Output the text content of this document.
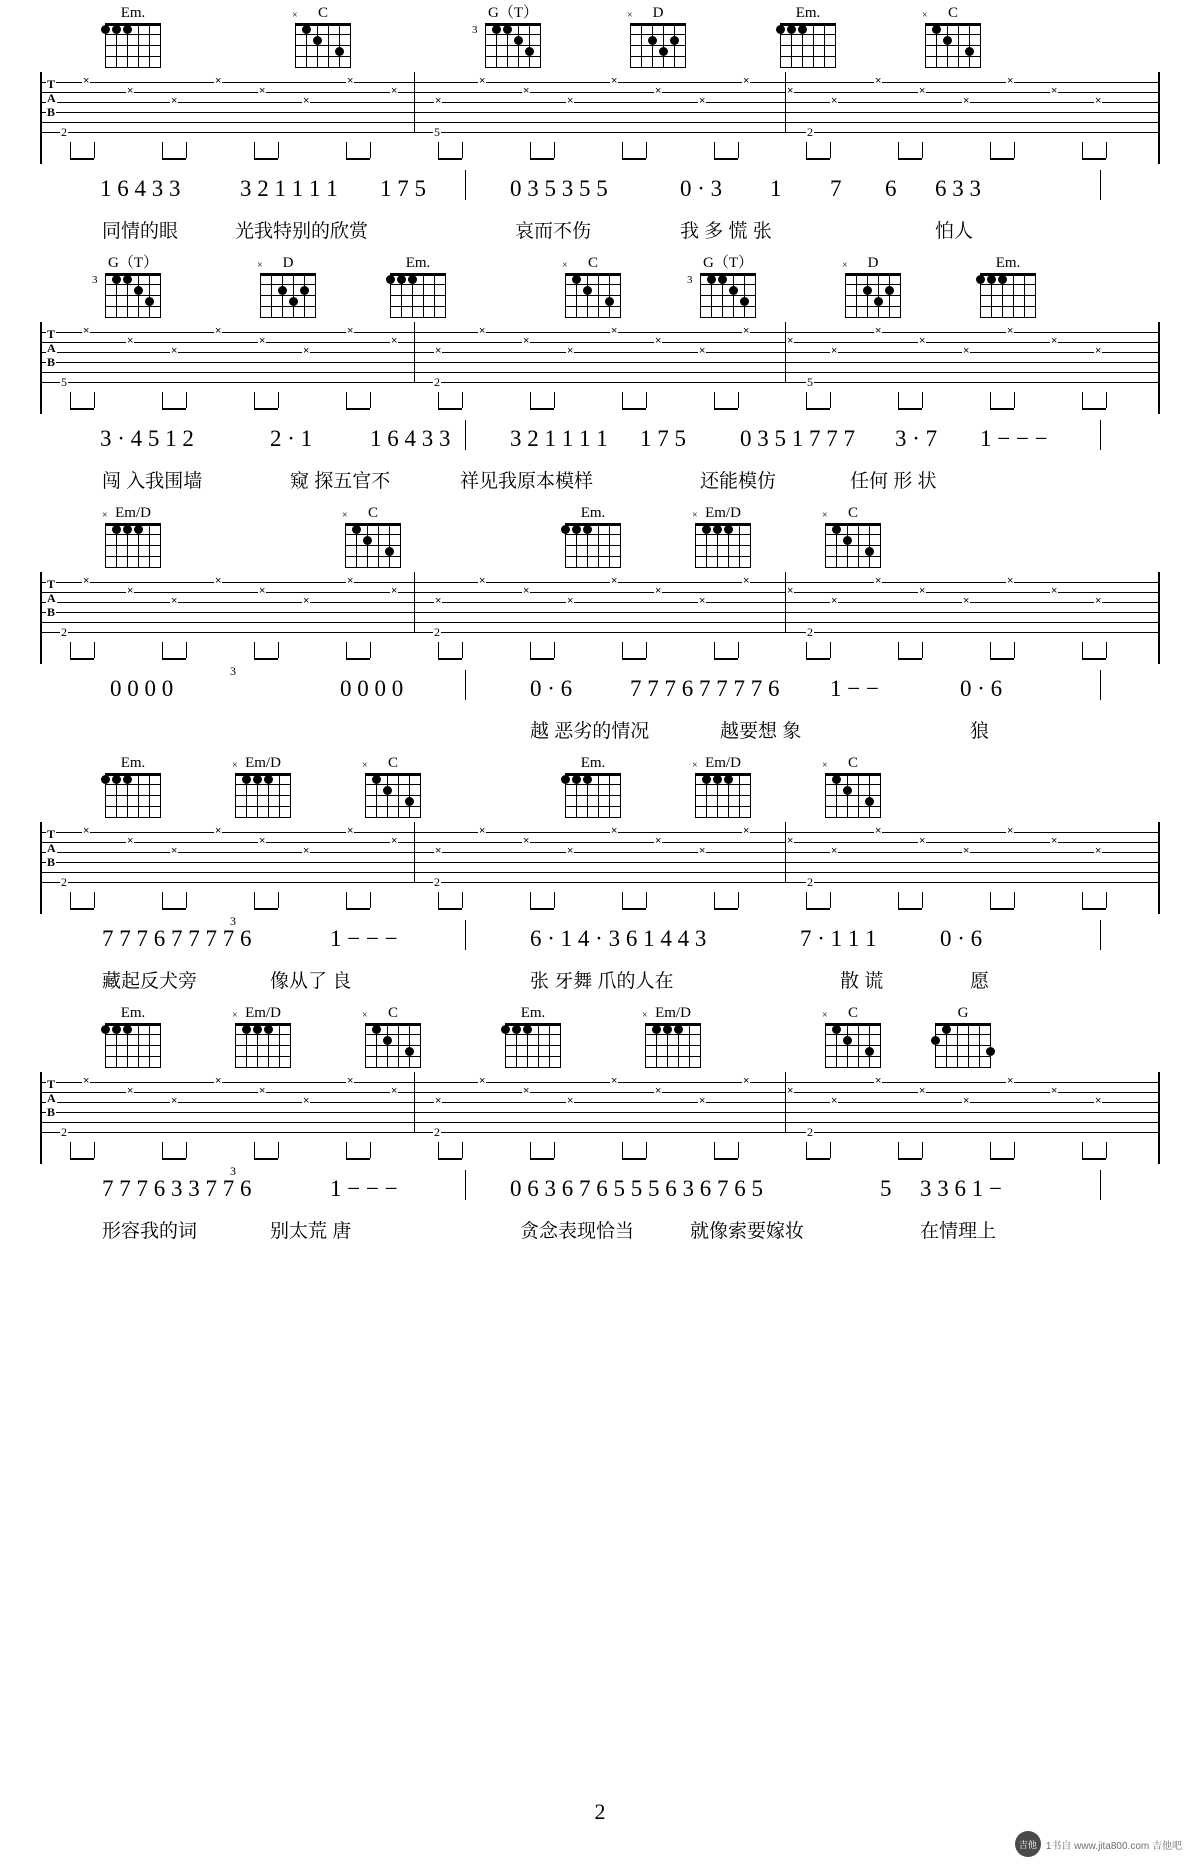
Em.	C
×	G（T）
3
D
×	Em.	C
×
T
A
B
×
×
×
×
×
×
×
×
×
×
×
×
×
×
×
×
×
×
×
×
×
×
×
×
2	5	2
1 6 4 3 3	3 2 1 1 1 1 1 7 5	0 3 5 3 5 5	0 · 3 1 7 6 6 3 3
同情的眼	光我特别的欣赏	哀而不伤	我 多 慌 张	怕人
G（T）
3
D
×	Em.	C
×	G（T）
3
D
×	Em.
T
A
B
×
×
×
×
×
×
×
×
×
×
×
×
×
×
×
×
×
×
×
×
×
×
×
×
5	2	5
3 · 4 5 1 2	2 · 1	1 6 4 3 3	3 2 1 1 1 1 1 7 5 0 3 5 1 7 7 7 3 · 7 1 − − −
闯 入我围墙	窥 探五官不	祥见我原本模样	还能模仿	任何 形 状
Em/D
×	C
×	Em.	Em/D
×	C
×
T
A
B
×
×
×
×
×
×
×
×
×
×
×
×
×
×
×
×
×
×
×
×
×
×
×
×
2	2	2
0 0 0 0	0 0 0 0	0 · 6	7 7 7 6 7 7 7 7 6 1 − −	0 · 6
3
越 恶劣的情况	越要想 象	狼
Em.	Em/D
×	C
×	Em.	Em/D
×	C
×
T
A
B
×
×
×
×
×
×
×
×
×
×
×
×
×
×
×
×
×
×
×
×
×
×
×
×
2	2	2
7 7 7 6 7 7 7 7 6	1 − − −	6 · 1 4 · 3 6 1 4 4 3	7 · 1 1 1	0 · 6
3
藏起反犬旁	像从了 良	张 牙舞 爪的人在	散 谎	愿
Em.	Em/D
×	C
×	Em.	Em/D
×	C
×	G
T
A
B
×
×
×
×
×
×
×
×
×
×
×
×
×
×
×
×
×
×
×
×
×
×
×
×
2	2	2
7 7 7 6 3 3 7 7 6	1 − − −	0 6 3 6 7 6 5 5 5 6 3 6 7 6 5	5 3 3 6 1 −
3
形容我的词	别太荒 唐	贪念表现恰当	就像索要嫁妆	在情理上
2
吉他 1书自 www.jita800.com 吉他吧
